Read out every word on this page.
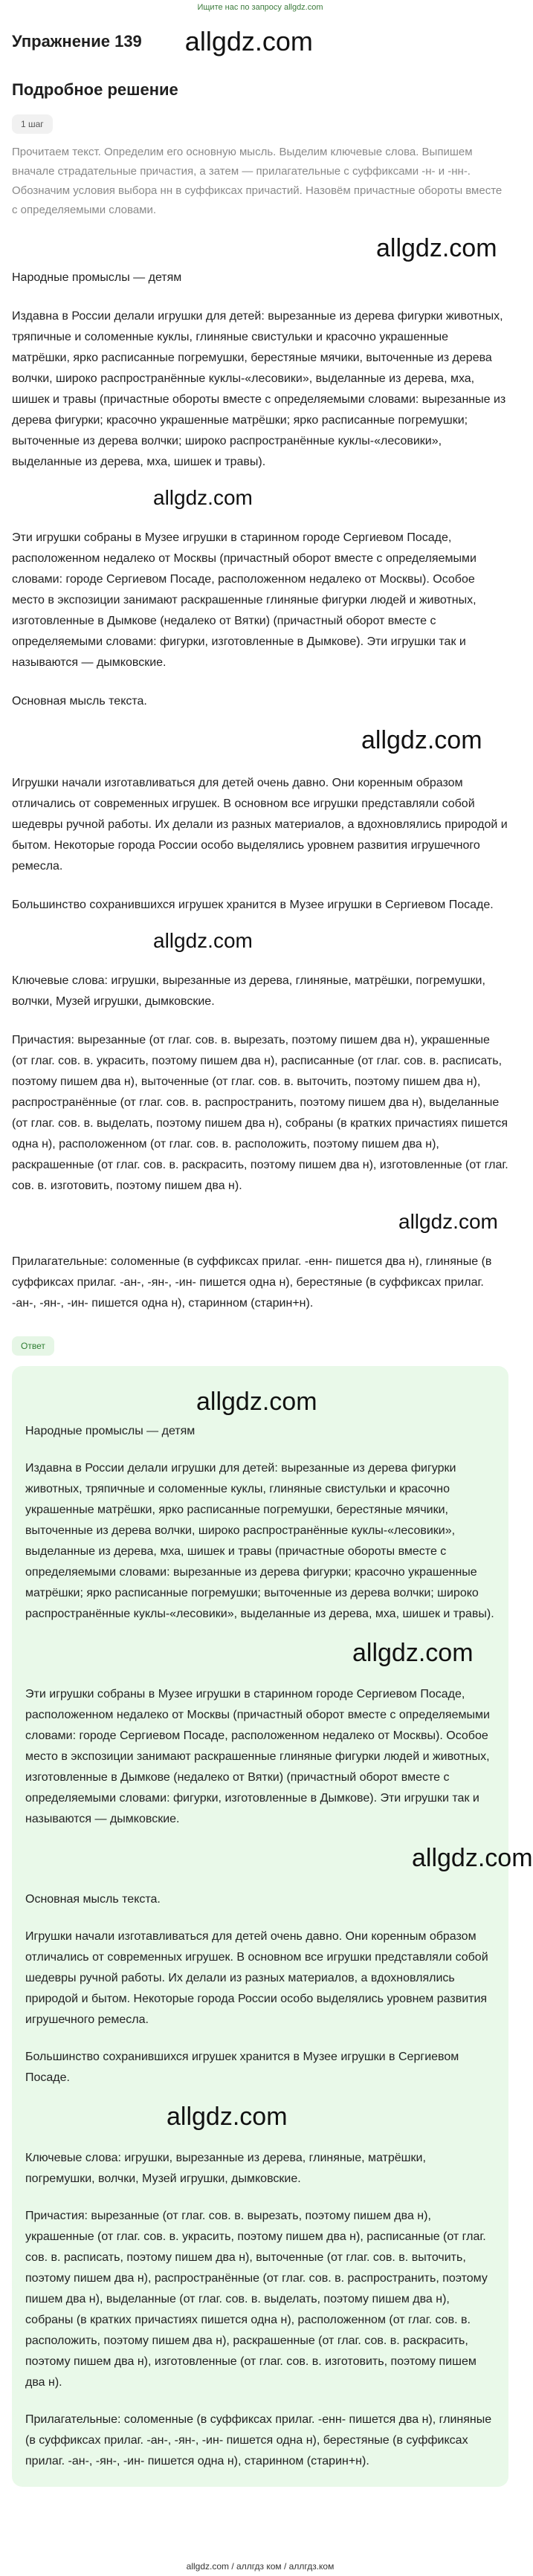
Ищите нас по запросу allgdz.com
Упражнение 139 allgdz.com
Подробное решение
1 шаг
Прочитаем текст. Определим его основную мысль. Выделим ключевые слова. Выпишем вначале страдательные причастия, а затем — прилагательные с суффиксами -н- и -нн-. Обозначим условия выбора нн в суффиксах причастий. Назовём причастные обороты вместе с определяемыми словами.
allgdz.com

Народные промыслы — детям

Издавна в России делали игрушки для детей: вырезанные из дерева фигурки животных, тряпичные и соломенные куклы, глиняные свистульки и красочно украшенные матрёшки, ярко расписанные погремушки, берестяные мячики, выточенные из дерева волчки, широко распространённые куклы-«лесовики», выделанные из дерева, мха, шишек и травы (причастные обороты вместе с определяемыми словами: вырезанные из дерева фигурки; красочно украшенные матрёшки; ярко расписанные погремушки; выточенные из дерева волчки; широко распространённые куклы-«лесовики», выделанные из дерева, мха, шишек и травы).

allgdz.com

Эти игрушки собраны в Музее игрушки в старинном городе Сергиевом Посаде, расположенном недалеко от Москвы (причастный оборот вместе с определяемыми словами: городе Сергиевом Посаде, расположенном недалеко от Москвы). Особое место в экспозиции занимают раскрашенные глиняные фигурки людей и животных, изготовленные в Дымкове (недалеко от Вятки) (причастный оборот вместе с определяемыми словами: фигурки, изготовленные в Дымкове). Эти игрушки так и называются — дымковские.

Основная мысль текста.

allgdz.com

Игрушки начали изготавливаться для детей очень давно. Они коренным образом отличались от современных игрушек. В основном все игрушки представляли собой шедевры ручной работы. Их делали из разных материалов, а вдохновлялись природой и бытом. Некоторые города России особо выделялись уровнем развития игрушечного ремесла.

Большинство сохранившихся игрушек хранится в Музее игрушки в Сергиевом Посаде.

allgdz.com

Ключевые слова: игрушки, вырезанные из дерева, глиняные, матрёшки, погремушки, волчки, Музей игрушки, дымковские.

Причастия: вырезанные (от глаг. сов. в. вырезать, поэтому пишем два н), украшенные (от глаг. сов. в. украсить, поэтому пишем два н), расписанные (от глаг. сов. в. расписать, поэтому пишем два н), выточенные (от глаг. сов. в. выточить, поэтому пишем два н), распространённые (от глаг. сов. в. распространить, поэтому пишем два н), выделанные (от глаг. сов. в. выделать, поэтому пишем два н), собраны (в кратких причастиях пишется одна н), расположенном (от глаг. сов. в. расположить, поэтому пишем два н), раскрашенные (от глаг. сов. в. раскрасить, поэтому пишем два н), изготовленные (от глаг. сов. в. изготовить, поэтому пишем два н).

allgdz.com

Прилагательные: соломенные (в суффиксах прилаг. -енн- пишется два н), глиняные (в суффиксах прилаг. -ан-, -ян-, -ин- пишется одна н), берестяные (в суффиксах прилаг. -ан-, -ян-, -ин- пишется одна н), старинном (старин+н).

Ответ
allgdz.com

Народные промыслы — детям

Издавна в России делали игрушки для детей: вырезанные из дерева фигурки животных, тряпичные и соломенные куклы, глиняные свистульки и красочно украшенные матрёшки, ярко расписанные погремушки, берестяные мячики, выточенные из дерева волчки, широко распространённые куклы-«лесовики», выделанные из дерева, мха, шишек и травы (причастные обороты вместе с определяемыми словами: вырезанные из дерева фигурки; красочно украшенные матрёшки; ярко расписанные погремушки; выточенные из дерева волчки; широко распространённые куклы-«лесовики», выделанные из дерева, мха, шишек и травы).

allgdz.com

Эти игрушки собраны в Музее игрушки в старинном городе Сергиевом Посаде, расположенном недалеко от Москвы (причастный оборот вместе с определяемыми словами: городе Сергиевом Посаде, расположенном недалеко от Москвы). Особое место в экспозиции занимают раскрашенные глиняные фигурки людей и животных, изготовленные в Дымкове (недалеко от Вятки) (причастный оборот вместе с определяемыми словами: фигурки, изготовленные в Дымкове). Эти игрушки так и называются — дымковские.

allgdz.com

Основная мысль текста.

Игрушки начали изготавливаться для детей очень давно. Они коренным образом отличались от современных игрушек. В основном все игрушки представляли собой шедевры ручной работы. Их делали из разных материалов, а вдохновлялись природой и бытом. Некоторые города России особо выделялись уровнем развития игрушечного ремесла.

Большинство сохранившихся игрушек хранится в Музее игрушки в Сергиевом Посаде.

allgdz.com

Ключевые слова: игрушки, вырезанные из дерева, глиняные, матрёшки, погремушки, волчки, Музей игрушки, дымковские.

Причастия: вырезанные (от глаг. сов. в. вырезать, поэтому пишем два н), украшенные (от глаг. сов. в. украсить, поэтому пишем два н), расписанные (от глаг. сов. в. расписать, поэтому пишем два н), выточенные (от глаг. сов. в. выточить, поэтому пишем два н), распространённые (от глаг. сов. в. распространить, поэтому пишем два н), выделанные (от глаг. сов. в. выделать, поэтому пишем два н), собраны (в кратких причастиях пишется одна н), расположенном (от глаг. сов. в. расположить, поэтому пишем два н), раскрашенные (от глаг. сов. в. раскрасить, поэтому пишем два н), изготовленные (от глаг. сов. в. изготовить, поэтому пишем два н).

Прилагательные: соломенные (в суффиксах прилаг. -енн- пишется два н), глиняные (в суффиксах прилаг. -ан-, -ян-, -ин- пишется одна н), берестяные (в суффиксах прилаг. -ан-, -ян-, -ин- пишется одна н), старинном (старин+н).

allgdz.com / аллгдз ком / аллгдз.ком
